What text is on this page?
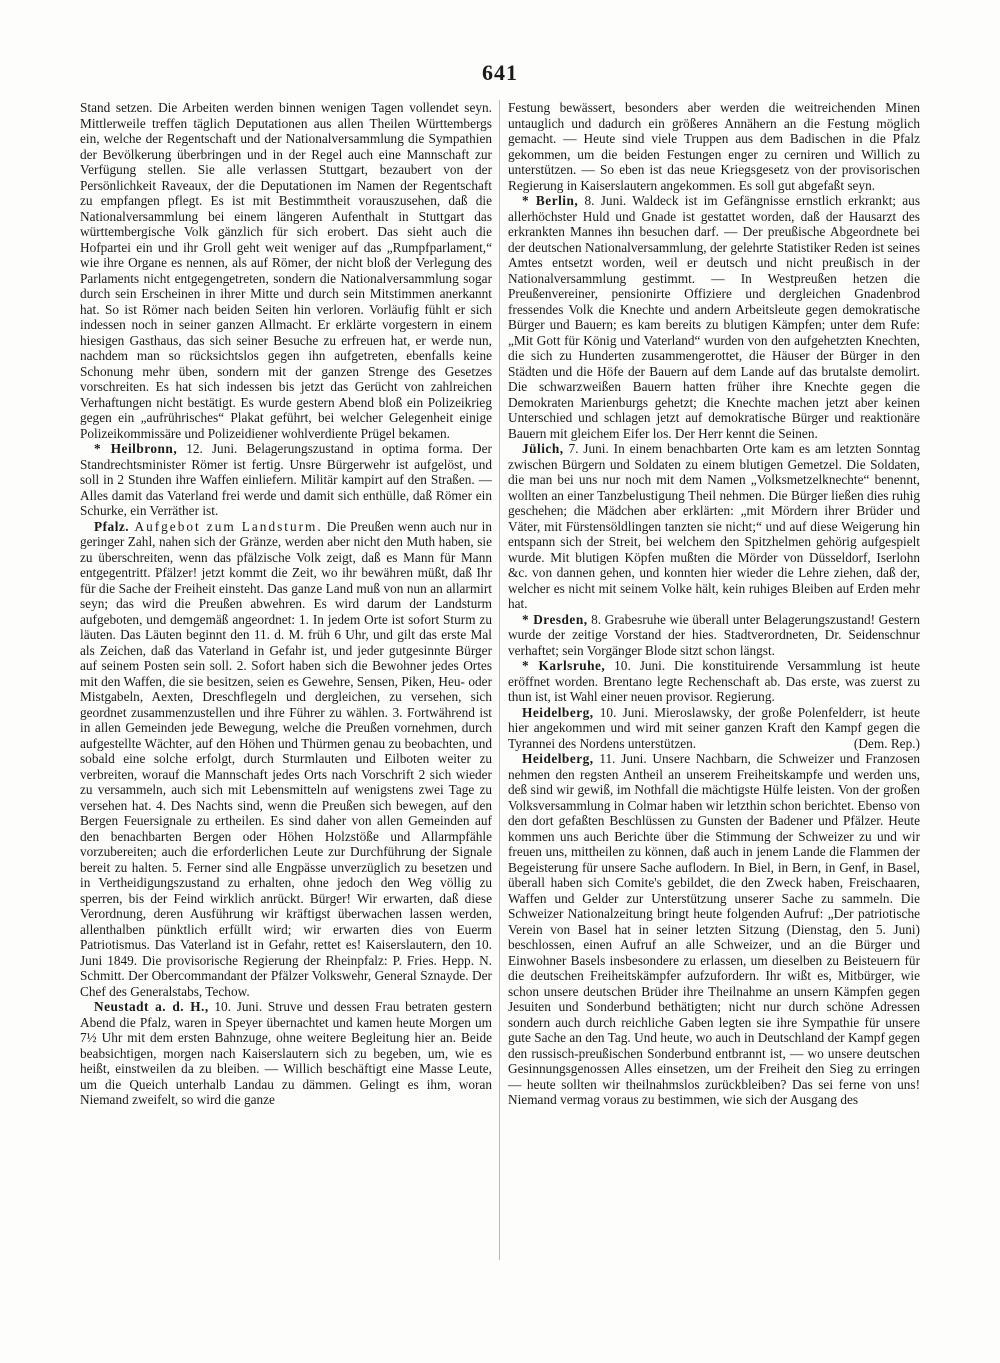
641

Stand setzen. Die Arbeiten werden binnen wenigen Tagen vollendet seyn. Mittlerweile treffen täglich Deputationen aus allen Theilen Württembergs ein, welche der Regentschaft und der Nationalversammlung die Sympathien der Bevölkerung überbringen und in der Regel auch eine Mannschaft zur Verfügung stellen. Sie alle verlassen Stuttgart, bezaubert von der Persönlichkeit Raveaux, der die Deputationen im Namen der Regentschaft zu empfangen pflegt. Es ist mit Bestimmtheit vorauszusehen, daß die Nationalversammlung bei einem längeren Aufenthalt in Stuttgart das württembergische Volk gänzlich für sich erobert. Das sieht auch die Hofpartei ein und ihr Groll geht weit weniger auf das „Rumpfparlament,“ wie ihre Organe es nennen, als auf Römer, der nicht bloß der Verlegung des Parlaments nicht entgegengetreten, sondern die Nationalversammlung sogar durch sein Erscheinen in ihrer Mitte und durch sein Mitstimmen anerkannt hat. So ist Römer nach beiden Seiten hin verloren. Vorläufig fühlt er sich indessen noch in seiner ganzen Allmacht. Er erklärte vorgestern in einem hiesigen Gasthaus, das sich seiner Besuche zu erfreuen hat, er werde nun, nachdem man so rücksichtslos gegen ihn aufgetreten, ebenfalls keine Schonung mehr üben, sondern mit der ganzen Strenge des Gesetzes vorschreiten. Es hat sich indessen bis jetzt das Gerücht von zahlreichen Verhaftungen nicht bestätigt. Es wurde gestern Abend bloß ein Polizeikrieg gegen ein „aufrührisches“ Plakat geführt, bei welcher Gelegenheit einige Polizeikommissäre und Polizeidiener wohlverdiente Prügel bekamen.

* Heilbronn, 12. Juni. Belagerungszustand in optima forma. Der Standrechtsminister Römer ist fertig. Unsre Bürgerwehr ist aufgelöst, und soll in 2 Stunden ihre Waffen einliefern. Militär kampirt auf den Straßen. — Alles damit das Vaterland frei werde und damit sich enthülle, daß Römer ein Schurke, ein Verräther ist.

Pfalz. Aufgebot zum Landsturm. Die Preußen wenn auch nur in geringer Zahl, nahen sich der Gränze, werden aber nicht den Muth haben, sie zu überschreiten, wenn das pfälzische Volk zeigt, daß es Mann für Mann entgegentritt. Pfälzer! jetzt kommt die Zeit, wo ihr bewähren müßt, daß Ihr für die Sache der Freiheit einsteht. Das ganze Land muß von nun an allarmirt seyn; das wird die Preußen abwehren. Es wird darum der Landsturm aufgeboten, und demgemäß angeordnet: 1. In jedem Orte ist sofort Sturm zu läuten. Das Läuten beginnt den 11. d. M. früh 6 Uhr, und gilt das erste Mal als Zeichen, daß das Vaterland in Gefahr ist, und jeder gutgesinnte Bürger auf seinem Posten sein soll. 2. Sofort haben sich die Bewohner jedes Ortes mit den Waffen, die sie besitzen, seien es Gewehre, Sensen, Piken, Heu- oder Mistgabeln, Aexten, Dreschflegeln und dergleichen, zu versehen, sich geordnet zusammenzustellen und ihre Führer zu wählen. 3. Fortwährend ist in allen Gemeinden jede Bewegung, welche die Preußen vornehmen, durch aufgestellte Wächter, auf den Höhen und Thürmen genau zu beobachten, und sobald eine solche erfolgt, durch Sturmlauten und Eilboten weiter zu verbreiten, worauf die Mannschaft jedes Orts nach Vorschrift 2 sich wieder zu versammeln, auch sich mit Lebensmitteln auf wenigstens zwei Tage zu versehen hat. 4. Des Nachts sind, wenn die Preußen sich bewegen, auf den Bergen Feuersignale zu ertheilen. Es sind daher von allen Gemeinden auf den benachbarten Bergen oder Höhen Holzstöße und Allarmpfähle vorzubereiten; auch die erforderlichen Leute zur Durchführung der Signale bereit zu halten. 5. Ferner sind alle Engpässe unverzüglich zu besetzen und in Vertheidigungszustand zu erhalten, ohne jedoch den Weg völlig zu sperren, bis der Feind wirklich anrückt. Bürger! Wir erwarten, daß diese Verordnung, deren Ausführung wir kräftigst überwachen lassen werden, allenthalben pünktlich erfüllt wird; wir erwarten dies von Euerm Patriotismus. Das Vaterland ist in Gefahr, rettet es! Kaiserslautern, den 10. Juni 1849. Die provisorische Regierung der Rheinpfalz: P. Fries. Hepp. N. Schmitt. Der Obercommandant der Pfälzer Volkswehr, General Sznayde. Der Chef des Generalstabs, Techow.

Neustadt a. d. H., 10. Juni. Struve und dessen Frau betraten gestern Abend die Pfalz, waren in Speyer übernachtet und kamen heute Morgen um 7½ Uhr mit dem ersten Bahnzuge, ohne weitere Begleitung hier an. Beide beabsichtigen, morgen nach Kaiserslautern sich zu begeben, um, wie es heißt, einstweilen da zu bleiben. — Willich beschäftigt eine Masse Leute, um die Queich unterhalb Landau zu dämmen. Gelingt es ihm, woran Niemand zweifelt, so wird die ganze

Festung bewässert, besonders aber werden die weitreichenden Minen untauglich und dadurch ein größeres Annähern an die Festung möglich gemacht. — Heute sind viele Truppen aus dem Badischen in die Pfalz gekommen, um die beiden Festungen enger zu cerniren und Willich zu unterstützen. — So eben ist das neue Kriegsgesetz von der provisorischen Regierung in Kaiserslautern angekommen. Es soll gut abgefaßt seyn.

* Berlin, 8. Juni. Waldeck ist im Gefängnisse ernstlich erkrankt; aus allerhöchster Huld und Gnade ist gestattet worden, daß der Hausarzt des erkrankten Mannes ihn besuchen darf. — Der preußische Abgeordnete bei der deutschen Nationalversammlung, der gelehrte Statistiker Reden ist seines Amtes entsetzt worden, weil er deutsch und nicht preußisch in der Nationalversammlung gestimmt. — In Westpreußen hetzen die Preußenvereiner, pensionirte Offiziere und dergleichen Gnadenbrod fressendes Volk die Knechte und andern Arbeitsleute gegen demokratische Bürger und Bauern; es kam bereits zu blutigen Kämpfen; unter dem Rufe: „Mit Gott für König und Vaterland“ wurden von den aufgehetzten Knechten, die sich zu Hunderten zusammengerottet, die Häuser der Bürger in den Städten und die Höfe der Bauern auf dem Lande auf das brutalste demolirt. Die schwarzweißen Bauern hatten früher ihre Knechte gegen die Demokraten Marienburgs gehetzt; die Knechte machen jetzt aber keinen Unterschied und schlagen jetzt auf demokratische Bürger und reaktionäre Bauern mit gleichem Eifer los. Der Herr kennt die Seinen.

Jülich, 7. Juni. In einem benachbarten Orte kam es am letzten Sonntag zwischen Bürgern und Soldaten zu einem blutigen Gemetzel. Die Soldaten, die man bei uns nur noch mit dem Namen „Volksmetzelknechte“ benennt, wollten an einer Tanzbelustigung Theil nehmen. Die Bürger ließen dies ruhig geschehen; die Mädchen aber erklärten: „mit Mördern ihrer Brüder und Väter, mit Fürstensöldlingen tanzten sie nicht;“ und auf diese Weigerung hin entspann sich der Streit, bei welchem den Spitzhelmen gehörig aufgespielt wurde. Mit blutigen Köpfen mußten die Mörder von Düsseldorf, Iserlohn &c. von dannen gehen, und konnten hier wieder die Lehre ziehen, daß der, welcher es nicht mit seinem Volke hält, kein ruhiges Bleiben auf Erden mehr hat.

* Dresden, 8. Grabesruhe wie überall unter Belagerungszustand! Gestern wurde der zeitige Vorstand der hies. Stadtverordneten, Dr. Seidenschnur verhaftet; sein Vorgänger Blode sitzt schon längst.

* Karlsruhe, 10. Juni. Die konstituirende Versammlung ist heute eröffnet worden. Brentano legte Rechenschaft ab. Das erste, was zuerst zu thun ist, ist Wahl einer neuen provisor. Regierung.

Heidelberg, 10. Juni. Mieroslawsky, der große Polenfelderr, ist heute hier angekommen und wird mit seiner ganzen Kraft den Kampf gegen die Tyrannei des Nordens unterstützen.	(Dem. Rep.)

Heidelberg, 11. Juni. Unsere Nachbarn, die Schweizer und Franzosen nehmen den regsten Antheil an unserem Freiheitskampfe und werden uns, deß sind wir gewiß, im Nothfall die mächtigste Hülfe leisten. Von der großen Volksversammlung in Colmar haben wir letzthin schon berichtet. Ebenso von den dort gefaßten Beschlüssen zu Gunsten der Badener und Pfälzer. Heute kommen uns auch Berichte über die Stimmung der Schweizer zu und wir freuen uns, mittheilen zu können, daß auch in jenem Lande die Flammen der Begeisterung für unsere Sache auflodern. In Biel, in Bern, in Genf, in Basel, überall haben sich Comite's gebildet, die den Zweck haben, Freischaaren, Waffen und Gelder zur Unterstützung unserer Sache zu sammeln. Die Schweizer Nationalzeitung bringt heute folgenden Aufruf: „Der patriotische Verein von Basel hat in seiner letzten Sitzung (Dienstag, den 5. Juni) beschlossen, einen Aufruf an alle Schweizer, und an die Bürger und Einwohner Basels insbesondere zu erlassen, um dieselben zu Beisteuern für die deutschen Freiheitskämpfer aufzufordern. Ihr wißt es, Mitbürger, wie schon unsere deutschen Brüder ihre Theilnahme an unsern Kämpfen gegen Jesuiten und Sonderbund bethätigten; nicht nur durch schöne Adressen sondern auch durch reichliche Gaben legten sie ihre Sympathie für unsere gute Sache an den Tag. Und heute, wo auch in Deutschland der Kampf gegen den russisch-preußischen Sonderbund entbrannt ist, — wo unsere deutschen Gesinnungsgenossen Alles einsetzen, um der Freiheit den Sieg zu erringen — heute sollten wir theilnahmslos zurückbleiben? Das sei ferne von uns! Niemand vermag voraus zu bestimmen, wie sich der Ausgang des
